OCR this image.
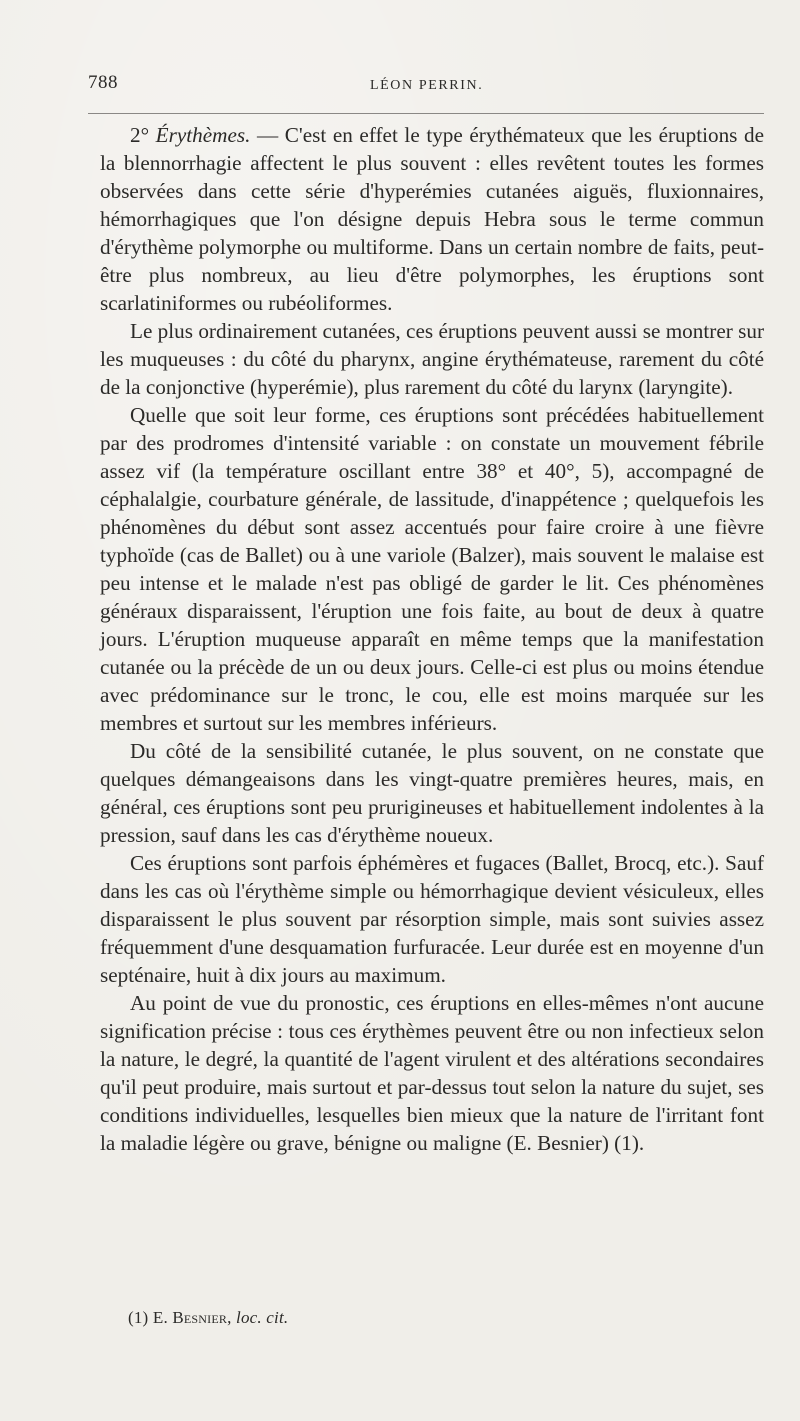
788	LÉON PERRIN.

2° Érythèmes. — C'est en effet le type érythémateux que les éruptions de la blennorrhagie affectent le plus souvent : elles revêtent toutes les formes observées dans cette série d'hyperémies cutanées aiguës, fluxionnaires, hémorrhagiques que l'on désigne depuis Hebra sous le terme commun d'érythème polymorphe ou multiforme. Dans un certain nombre de faits, peut-être plus nombreux, au lieu d'être polymorphes, les éruptions sont scarlatiniformes ou rubéoliformes.

Le plus ordinairement cutanées, ces éruptions peuvent aussi se montrer sur les muqueuses : du côté du pharynx, angine érythémateuse, rarement du côté de la conjonctive (hyperémie), plus rarement du côté du larynx (laryngite).

Quelle que soit leur forme, ces éruptions sont précédées habituellement par des prodromes d'intensité variable : on constate un mouvement fébrile assez vif (la température oscillant entre 38° et 40°, 5), accompagné de céphalalgie, courbature générale, de lassitude, d'inappétence ; quelquefois les phénomènes du début sont assez accentués pour faire croire à une fièvre typhoïde (cas de Ballet) ou à une variole (Balzer), mais souvent le malaise est peu intense et le malade n'est pas obligé de garder le lit. Ces phénomènes généraux disparaissent, l'éruption une fois faite, au bout de deux à quatre jours. L'éruption muqueuse apparaît en même temps que la manifestation cutanée ou la précède de un ou deux jours. Celle-ci est plus ou moins étendue avec prédominance sur le tronc, le cou, elle est moins marquée sur les membres et surtout sur les membres inférieurs.

Du côté de la sensibilité cutanée, le plus souvent, on ne constate que quelques démangeaisons dans les vingt-quatre premières heures, mais, en général, ces éruptions sont peu prurigineuses et habituellement indolentes à la pression, sauf dans les cas d'érythème noueux.

Ces éruptions sont parfois éphémères et fugaces (Ballet, Brocq, etc.). Sauf dans les cas où l'érythème simple ou hémorrhagique devient vésiculeux, elles disparaissent le plus souvent par résorption simple, mais sont suivies assez fréquemment d'une desquamation furfuracée. Leur durée est en moyenne d'un septénaire, huit à dix jours au maximum.

Au point de vue du pronostic, ces éruptions en elles-mêmes n'ont aucune signification précise : tous ces érythèmes peuvent être ou non infectieux selon la nature, le degré, la quantité de l'agent virulent et des altérations secondaires qu'il peut produire, mais surtout et par-dessus tout selon la nature du sujet, ses conditions individuelles, lesquelles bien mieux que la nature de l'irritant font la maladie légère ou grave, bénigne ou maligne (E. Besnier) (1).

(1) E. Besnier, loc. cit.
